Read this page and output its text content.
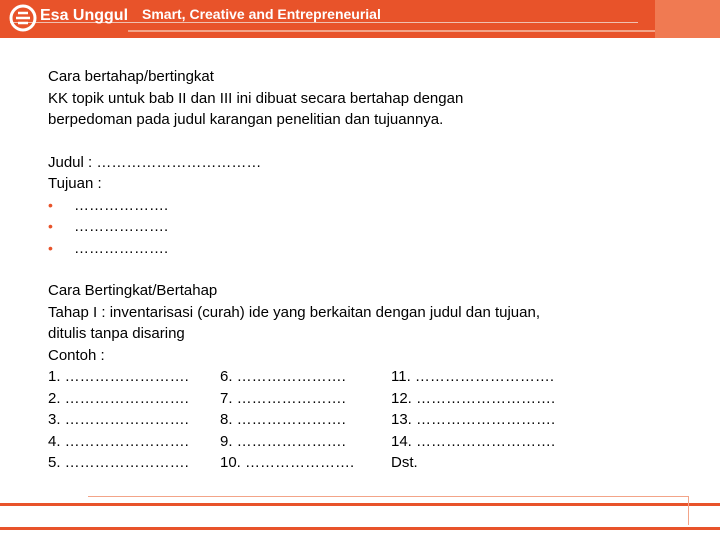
Esa Unggul Smart, Creative and Entrepreneurial

Cara bertahap/bertingkat

KK topik untuk bab II dan III ini dibuat secara bertahap dengan

berpedoman pada judul karangan penelitian dan tujuannya.

Judul : ……………………………

Tujuan :

•	……………….
•	……………….
•	……………….

Cara Bertingkat/Bertahap

Tahap I : inventarisasi (curah) ide yang berkaitan dengan judul dan tujuan,

ditulis tanpa disaring

Contoh :

1. …………………….	6. ………………….	11. ……………………….
2. …………………….	7. ………………….	12. ……………………….
3. …………………….	8. ………………….	13. ……………………….
4. …………………….	9. ………………….	14. ……………………….
5. …………………….	10. ………………….	Dst.
